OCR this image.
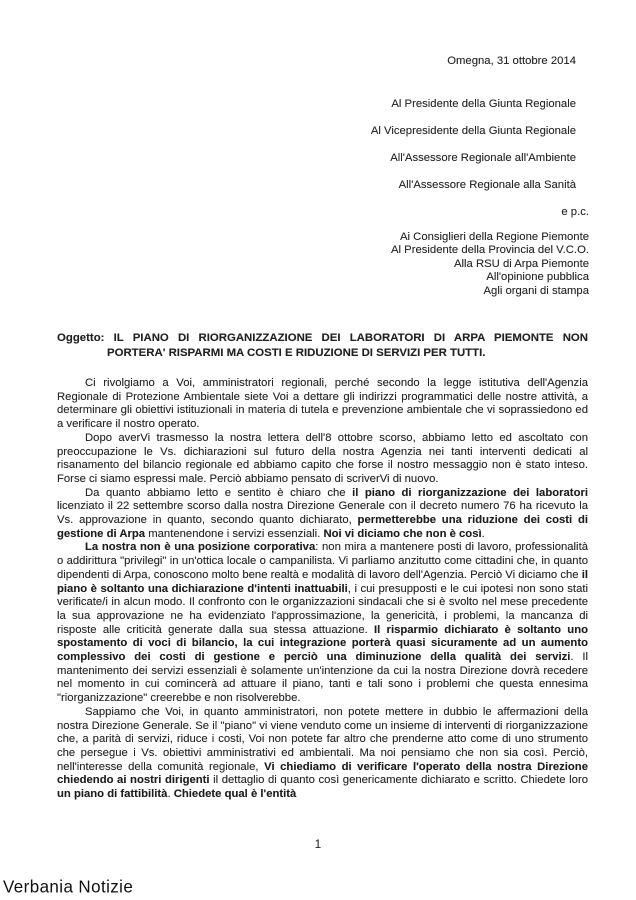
Omegna, 31 ottobre 2014
Al Presidente della Giunta Regionale
Al Vicepresidente della Giunta Regionale
All'Assessore Regionale all'Ambiente
All'Assessore Regionale alla Sanità
e p.c.
Ai Consiglieri della Regione Piemonte
Al Presidente della Provincia del V.C.O.
Alla RSU di Arpa Piemonte
All'opinione pubblica
Agli organi di stampa

Oggetto: IL PIANO DI RIORGANIZZAZIONE DEI LABORATORI DI ARPA PIEMONTE NON PORTERA' RISPARMI MA COSTI E RIDUZIONE DI SERVIZI PER TUTTI.

Ci rivolgiamo a Voi, amministratori regionali, perché secondo la legge istitutiva dell'Agenzia Regionale di Protezione Ambientale siete Voi a dettare gli indirizzi programmatici delle nostre attività, a determinare gli obiettivi istituzionali in materia di tutela e prevenzione ambientale che vi soprassiedono ed a verificare il nostro operato.

Dopo averVi trasmesso la nostra lettera dell'8 ottobre scorso, abbiamo letto ed ascoltato con preoccupazione le Vs. dichiarazioni sul futuro della nostra Agenzia nei tanti interventi dedicati al risanamento del bilancio regionale ed abbiamo capito che forse il nostro messaggio non è stato inteso. Forse ci siamo espressi male. Perciò abbiamo pensato di scriverVi di nuovo.

Da quanto abbiamo letto e sentito è chiaro che il piano di riorganizzazione dei laboratori licenziato il 22 settembre scorso dalla nostra Direzione Generale con il decreto numero 76 ha ricevuto la Vs. approvazione in quanto, secondo quanto dichiarato, permetterebbe una riduzione dei costi di gestione di Arpa mantenendone i servizi essenziali. Noi vi diciamo che non è così.

La nostra non è una posizione corporativa: non mira a mantenere posti di lavoro, professionalità o addirittura "privilegi" in un'ottica locale o campanilista. Vi parliamo anzitutto come cittadini che, in quanto dipendenti di Arpa, conoscono molto bene realtà e modalità di lavoro dell'Agenzia. Perciò Vi diciamo che il piano è soltanto una dichiarazione d'intenti inattuabili, i cui presupposti e le cui ipotesi non sono stati verificate/i in alcun modo. Il confronto con le organizzazioni sindacali che si è svolto nel mese precedente la sua approvazione ne ha evidenziato l'approssimazione, la genericità, i problemi, la mancanza di risposte alle criticità generate dalla sua stessa attuazione. Il risparmio dichiarato è soltanto uno spostamento di voci di bilancio, la cui integrazione porterà quasi sicuramente ad un aumento complessivo dei costi di gestione e perciò una diminuzione della qualità dei servizi. Il mantenimento dei servizi essenziali è solamente un'intenzione da cui la nostra Direzione dovrà recedere nel momento in cui comincerà ad attuare il piano, tanti e tali sono i problemi che questa ennesima "riorganizzazione" creerebbe e non risolverebbe.

Sappiamo che Voi, in quanto amministratori, non potete mettere in dubbio le affermazioni della nostra Direzione Generale. Se il "piano" vi viene venduto come un insieme di interventi di riorganizzazione che, a parità di servizi, riduce i costi, Voi non potete far altro che prenderne atto come di uno strumento che persegue i Vs. obiettivi amministrativi ed ambientali. Ma noi pensiamo che non sia così. Perciò, nell'interesse della comunità regionale, Vi chiediamo di verificare l'operato della nostra Direzione chiedendo ai nostri dirigenti il dettaglio di quanto così genericamente dichiarato e scritto. Chiedete loro un piano di fattibilità. Chiedete qual è l'entità

1
Verbania Notizie
